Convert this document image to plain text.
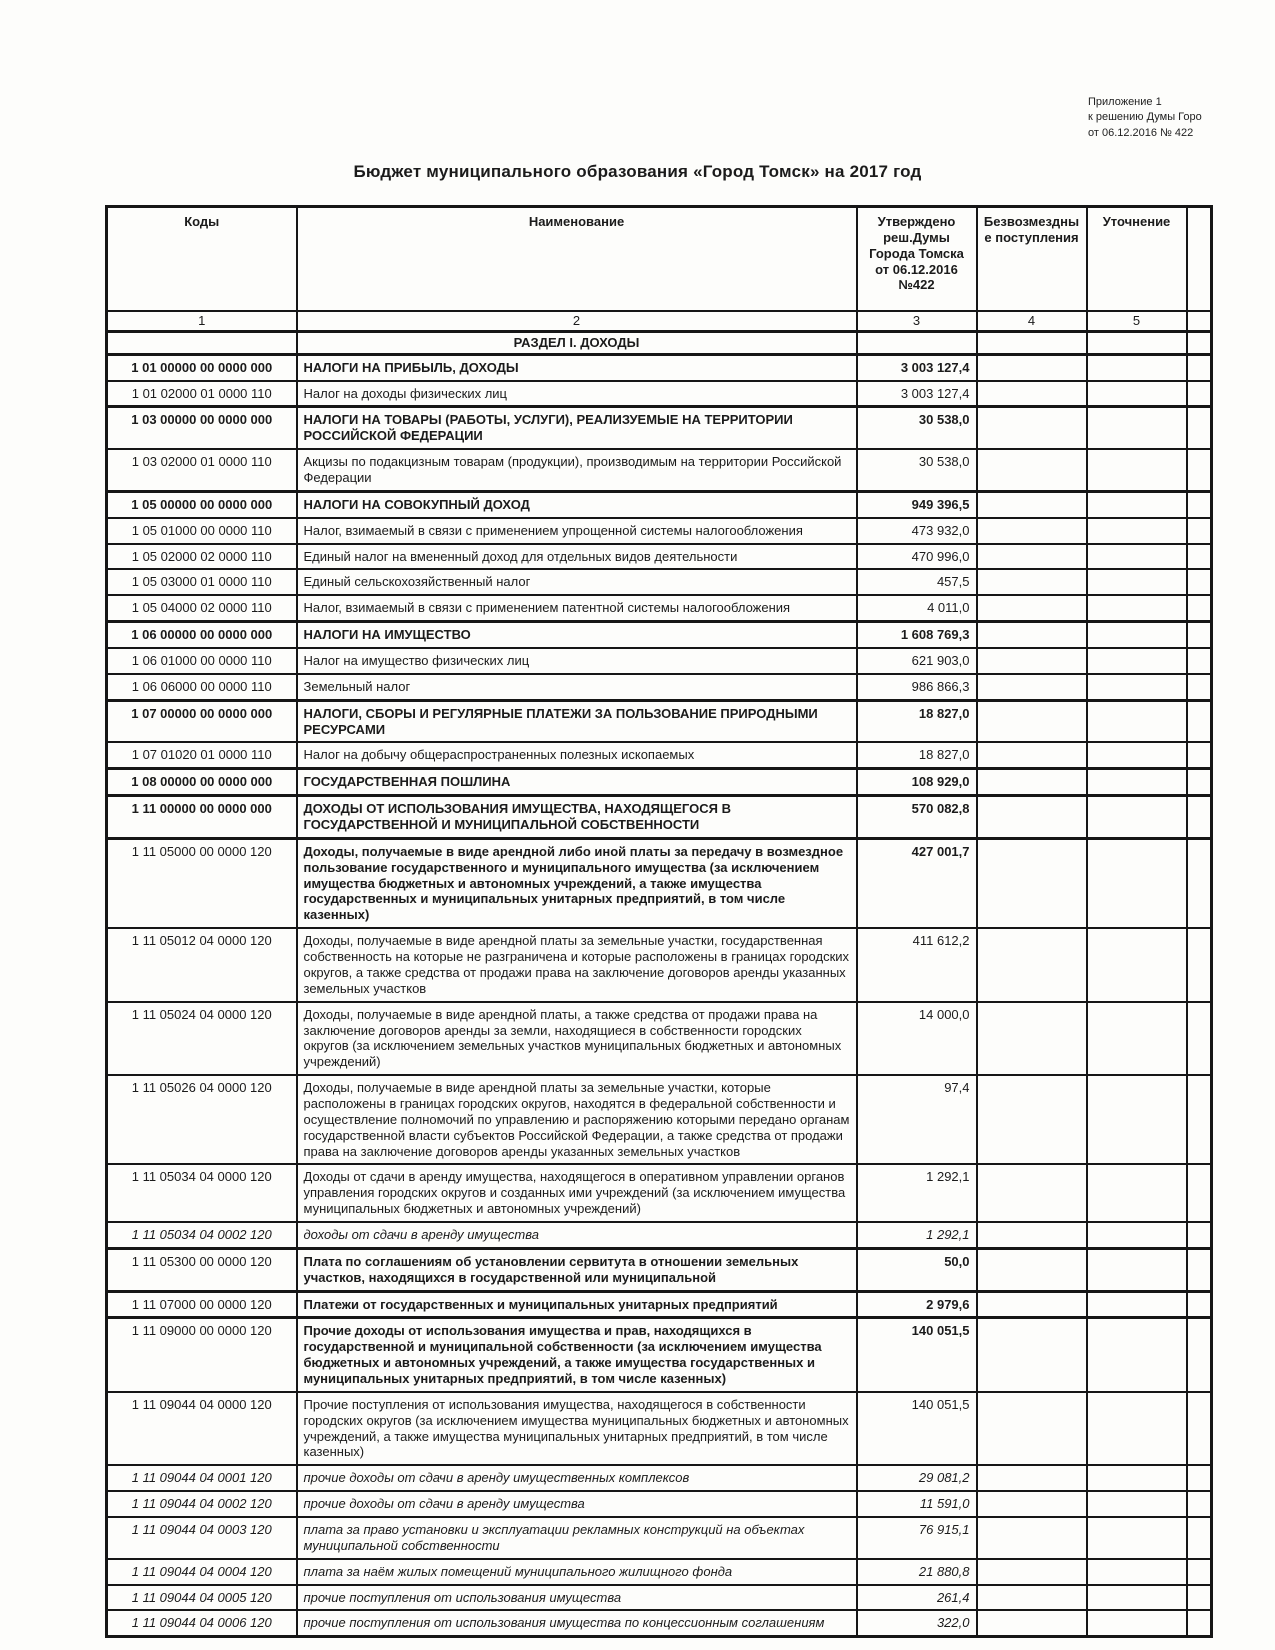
Приложение 1
к решению Думы Горо
от 06.12.2016 № 422
Бюджет муниципального образования «Город Томск» на 2017 год
Коды	Наименование	Утверждено реш.Думы Города Томска от 06.12.2016 №422	Безвозмездны е поступления	Уточнение	
1	2	3	4	5	
	РАЗДЕЛ I. ДОХОДЫ				
1 01 00000 00 0000 000	НАЛОГИ НА ПРИБЫЛЬ, ДОХОДЫ	3 003 127,4			
1 01 02000 01 0000 110	Налог на доходы физических лиц	3 003 127,4			
1 03 00000 00 0000 000	НАЛОГИ НА ТОВАРЫ (РАБОТЫ, УСЛУГИ), РЕАЛИЗУЕМЫЕ НА ТЕРРИТОРИИ РОССИЙСКОЙ ФЕДЕРАЦИИ	30 538,0			
1 03 02000 01 0000 110	Акцизы по подакцизным товарам (продукции), производимым на территории Российской Федерации	30 538,0			
1 05 00000 00 0000 000	НАЛОГИ НА СОВОКУПНЫЙ ДОХОД	949 396,5			
1 05 01000 00 0000 110	Налог, взимаемый в связи с применением упрощенной системы налогообложения	473 932,0			
1 05 02000 02 0000 110	Единый налог на вмененный доход для отдельных видов деятельности	470 996,0			
1 05 03000 01 0000 110	Единый сельскохозяйственный налог	457,5			
1 05 04000 02 0000 110	Налог, взимаемый в связи с применением патентной системы налогообложения	4 011,0			
1 06 00000 00 0000 000	НАЛОГИ НА ИМУЩЕСТВО	1 608 769,3			
1 06 01000 00 0000 110	Налог на имущество физических лиц	621 903,0			
1 06 06000 00 0000 110	Земельный налог	986 866,3			
1 07 00000 00 0000 000	НАЛОГИ, СБОРЫ И РЕГУЛЯРНЫЕ ПЛАТЕЖИ ЗА ПОЛЬЗОВАНИЕ ПРИРОДНЫМИ РЕСУРСАМИ	18 827,0			
1 07 01020 01 0000 110	Налог на добычу общераспространенных полезных ископаемых	18 827,0			
1 08 00000 00 0000 000	ГОСУДАРСТВЕННАЯ ПОШЛИНА	108 929,0			
1 11 00000 00 0000 000	ДОХОДЫ ОТ ИСПОЛЬЗОВАНИЯ ИМУЩЕСТВА, НАХОДЯЩЕГОСЯ В ГОСУДАРСТВЕННОЙ И МУНИЦИПАЛЬНОЙ СОБСТВЕННОСТИ	570 082,8			
1 11 05000 00 0000 120	Доходы, получаемые в виде арендной либо иной платы за передачу в возмездное пользование государственного и муниципального имущества (за исключением имущества бюджетных и автономных учреждений, а также имущества государственных и муниципальных унитарных предприятий, в том числе казенных)	427 001,7			
1 11 05012 04 0000 120	Доходы, получаемые в виде арендной платы за земельные участки, государственная собственность на которые не разграничена и которые расположены в границах городских округов, а также средства от продажи права на заключение договоров аренды указанных земельных участков	411 612,2			
1 11 05024 04 0000 120	Доходы, получаемые в виде арендной платы, а также средства от продажи права на заключение договоров аренды за земли, находящиеся в собственности городских округов (за исключением земельных участков муниципальных бюджетных и автономных учреждений)	14 000,0			
1 11 05026 04 0000 120	Доходы, получаемые в виде арендной платы за земельные участки, которые расположены в границах городских округов, находятся в федеральной собственности и осуществление полномочий по управлению и распоряжению которыми передано органам государственной власти субъектов Российской Федерации, а также средства от продажи права на заключение договоров аренды указанных земельных участков	97,4			
1 11 05034 04 0000 120	Доходы от сдачи в аренду имущества, находящегося в оперативном управлении органов управления городских округов и созданных ими учреждений (за исключением имущества муниципальных бюджетных и автономных учреждений)	1 292,1			
1 11 05034 04 0002 120	доходы от сдачи в аренду имущества	1 292,1			
1 11 05300 00 0000 120	Плата по соглашениям об установлении сервитута в отношении земельных участков, находящихся в государственной или муниципальной	50,0			
1 11 07000 00 0000 120	Платежи от государственных и муниципальных унитарных предприятий	2 979,6			
1 11 09000 00 0000 120	Прочие доходы от использования имущества и прав, находящихся в государственной и муниципальной собственности (за исключением имущества бюджетных и автономных учреждений, а также имущества государственных и муниципальных унитарных предприятий, в том числе казенных)	140 051,5			
1 11 09044 04 0000 120	Прочие поступления от использования имущества, находящегося в собственности городских округов (за исключением имущества муниципальных бюджетных и автономных учреждений, а также имущества муниципальных унитарных предприятий, в том числе казенных)	140 051,5			
1 11 09044 04 0001 120	прочие доходы от сдачи в аренду имущественных комплексов	29 081,2			
1 11 09044 04 0002 120	прочие доходы от сдачи в аренду имущества	11 591,0			
1 11 09044 04 0003 120	плата за право установки и эксплуатации рекламных конструкций на объектах муниципальной собственности	76 915,1			
1 11 09044 04 0004 120	плата за наём жилых помещений муниципального жилищного фонда	21 880,8			
1 11 09044 04 0005 120	прочие поступления от использования имущества	261,4			
1 11 09044 04 0006 120	прочие поступления от использования имущества по концессионным соглашениям	322,0			
